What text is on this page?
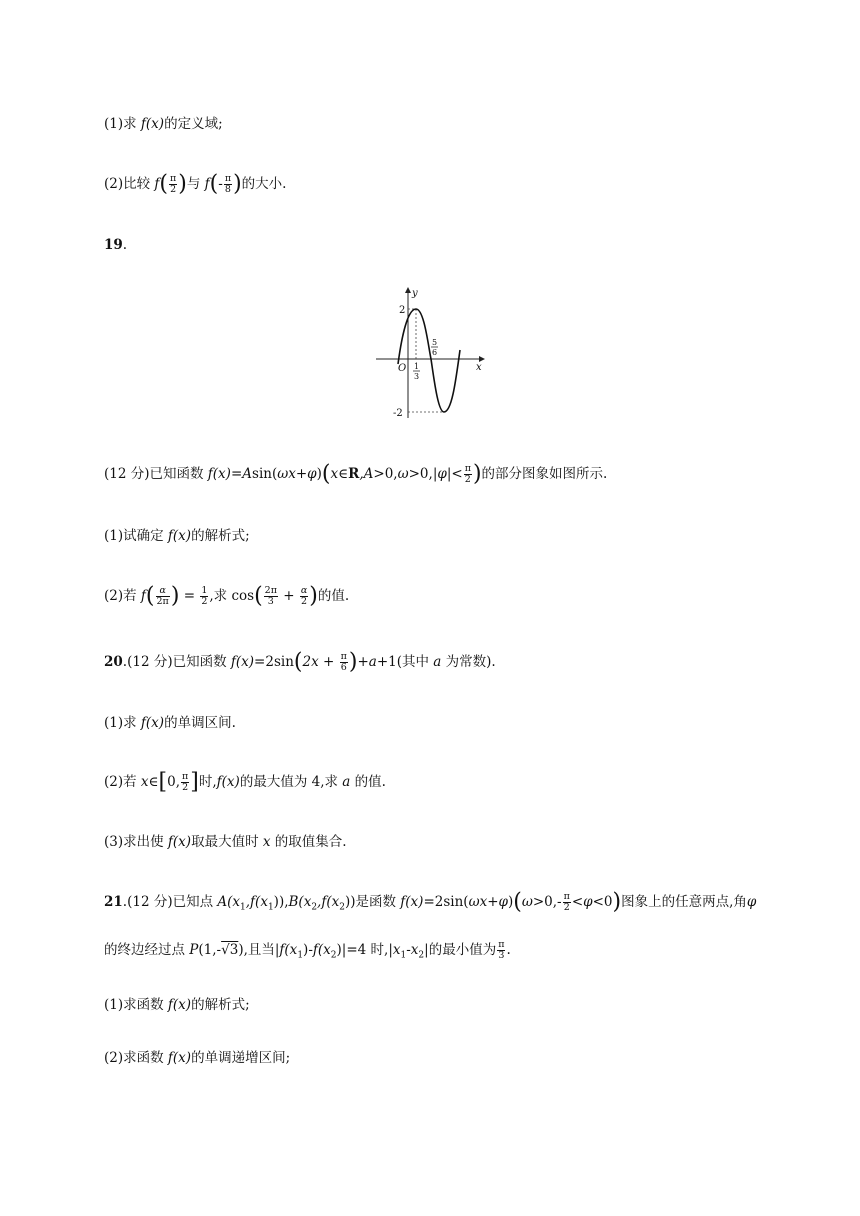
(1)求 f(x)的定义域;
(2)比较 $f( \frac{\pi}{2}$ )与 $f(- \frac{\pi}{8}$ )的大小.
19.
y
x
O
2
-2
1
3
5
6
(12 分)已知函数 f(x)=Asin(ωx+φ)(x∈R,A>0,ω>0,|φ|< $\frac{\pi}{2}$ )的部分图象如图所示.
(1)试确定 f(x)的解析式;
(2)若 $f( \frac{\alpha}{2\pi}$ ) = $\frac{1}{2}$ ,求 $\cos( \frac{2\pi}{3} + \frac{\alpha}{2}$ )的值.
20.(12 分)已知函数 $f(x)=2\sin(2x + \frac{\pi}{6} )+a+1$(其中 a 为常数).
(1)求 f(x)的单调区间.
(2)若 x∈[0, $\frac{\pi}{2}$ ]时,f(x)的最大值为 4,求 a 的值.
(3)求出使 f(x)取最大值时 x 的取值集合.
21.(12 分)已知点 $A(x_1,f(x_1)),B(x_2,f(x_2))$是函数 $f(x)=2\sin(\omega x+\varphi)(\omega>0,- \frac{\pi}{2} <\varphi<0)$图象上的任意两点,角φ
的终边经过点 P(1,-√3),且当$|f(x_1)-f(x_2)|=4$ 时$,|x_1-x_2|$的最小值为 $\frac{\pi}{3}$ .
(1)求函数 f(x)的解析式;
(2)求函数 f(x)的单调递增区间;
